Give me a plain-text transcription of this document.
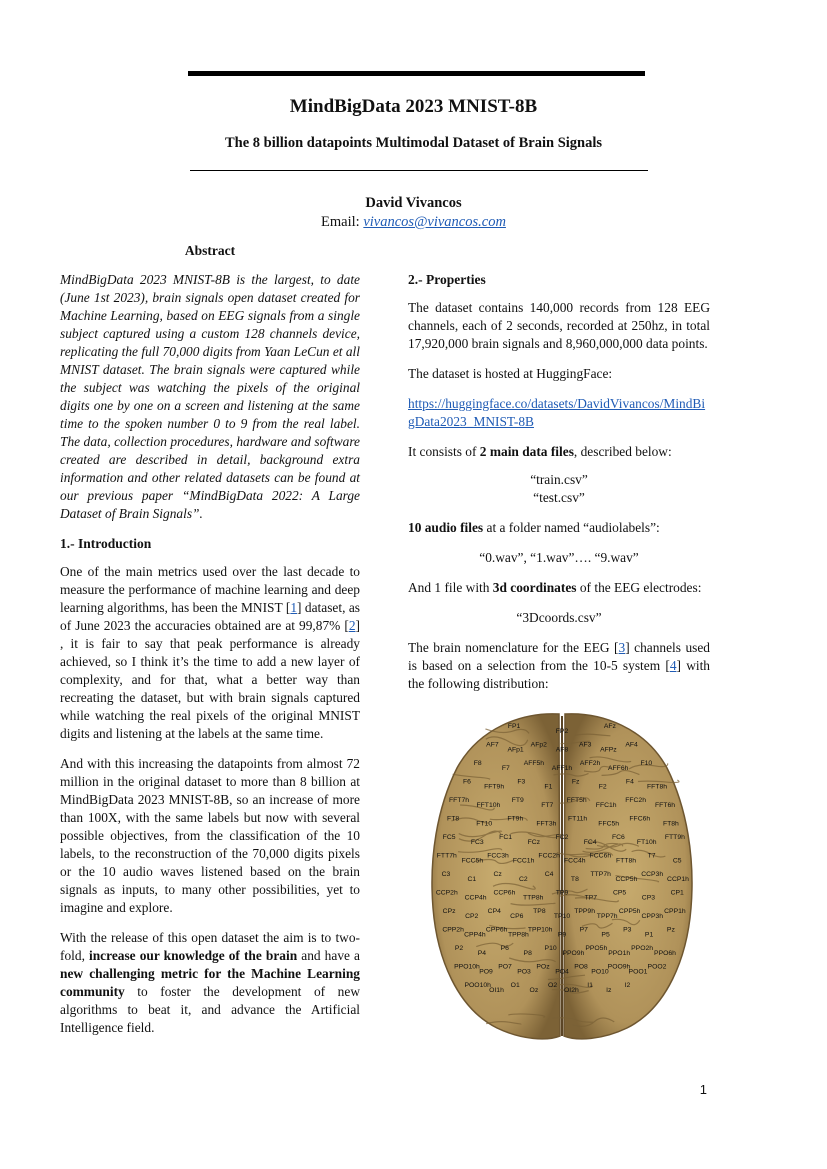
MindBigData 2023 MNIST-8B
The 8 billion datapoints Multimodal Dataset of Brain Signals
David Vivancos
Email: vivancos@vivancos.com
Abstract

MindBigData 2023 MNIST-8B is the largest, to date (June 1st 2023), brain signals open dataset created for Machine Learning, based on EEG signals from a single subject captured using a custom 128 channels device, replicating the full 70,000 digits from Yaan LeCun et all MNIST dataset. The brain signals were captured while the subject was watching the pixels of the original digits one by one on a screen and listening at the same time to the spoken number 0 to 9 from the real label. The data, collection procedures, hardware and software created are described in detail, background extra information and other related datasets can be found at our previous paper “MindBigData 2022: A Large Dataset of Brain Signals”.

1.- Introduction

One of the main metrics used over the last decade to measure the performance of machine learning and deep learning algorithms, has been the MNIST [1] dataset, as of June 2023 the accuracies obtained are at 99,87% [2] , it is fair to say that peak performance is already achieved, so I think it’s the time to add a new layer of complexity, and for that, what a better way than recreating the dataset, but with brain signals captured while watching the real pixels of the original MNIST digits and listening at the labels at the same time.

And with this increasing the datapoints from almost 72 million in the original dataset to more than 8 billion at MindBigData 2023 MNIST-8B, so an increase of more than 100X, with the same labels but now with several possible objectives, from the classification of the 10 labels, to the reconstruction of the 70,000 digits pixels or the 10 audio waves listened based on the brain signals as inputs, to many other possibilities, yet to imagine and explore.

With the release of this open dataset the aim is to two-fold, increase our knowledge of the brain and have a new challenging metric for the Machine Learning community to foster the development of new algorithms to beat it, and advance the Artificial Intelligence field.

2.- Properties

The dataset contains 140,000 records from 128 EEG channels, each of 2 seconds, recorded at 250hz, in total 17,920,000 brain signals and 8,960,000,000 data points.

The dataset is hosted at HuggingFace:

https://huggingface.co/datasets/DavidVivancos/MindBigData2023_MNIST-8B

It consists of 2 main data files, described below:

“train.csv”

“test.csv”

10 audio files at a folder named “audiolabels”:

“0.wav”, “1.wav”…. “9.wav”

And 1 file with 3d coordinates of the EEG electrodes:

“3Dcoords.csv”

The brain nomenclature for the EEG [3] channels used is based on a selection from the 10-5 system [4] with the following distribution:

FP1
FP2
AFz
AF7
AFp1
AFp2
AF8
AF3
AFPz
AF4
F8
F7
AFF5h
AFF1h
AFF2h
AFF6h
F10
F6
FFT9h
F3
F1
Fz
F2
F4
FFT8h
FFT7h
FFT10h
FT9
FT7
FFT5h
FFC1h
FFC2h
FFT6h
FT8
FT10
FT9h
FFT3h
FT11h
FFC5h
FFC6h
FT8h
FC5
FC3
FC1
FCz
FC2
FC4
FC6
FT10h
FTT9h
FTT7h
FCC5h
FCC3h
FCC1h
FCC2h
FCC4h
FCC6h
FTT8h
T7
C5
C3
C1
Cz
C2
C4
T8
TTP7h
CCP5h
CCP3h
CCP1h
CCP2h
CCP4h
CCP6h
TTP8h
TP9
TP7
CP5
CP3
CP1
CPz
CP2
CP4
CP6
TP8
TP10
TPP9h
TPP7h
CPP5h
CPP3h
CPP1h
CPP2h
CPP4h
CPP6h
TPP8h
TPP10h
P9
P7
P5
P3
P1
Pz
P2
P4
P6
P8
P10
PPO9h
PPO5h
PPO1h
PPO2h
PPO6h
PPO10h
PO9
PO7
PO3
POz
PO4
PO8
PO10
POO9h
POO1
POO2
POO10h
OI1h
O1
Oz
O2
OI2h
I1
Iz
I2
1
